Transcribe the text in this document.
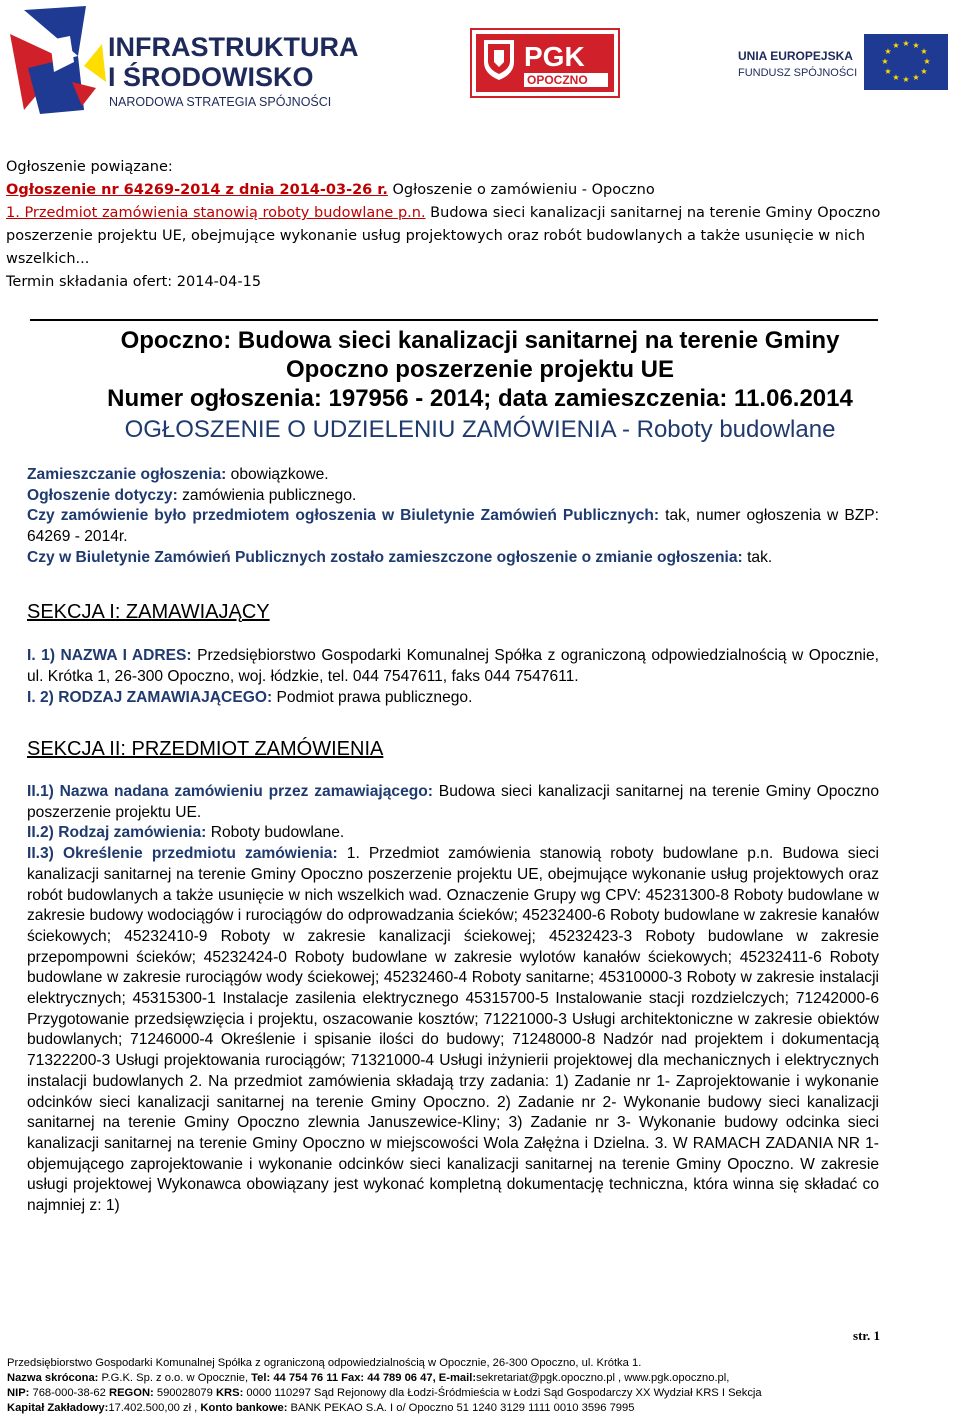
INFRASTRUKTURA
I ŚRODOWISKO
NARODOWA STRATEGIA SPÓJNOŚCI
PGK
OPOCZNO
UNIA EUROPEJSKA
FUNDUSZ SPÓJNOŚCI
★ ★
★
★
★
★
★
★
★
★
★
★

Ogłoszenie powiązane:

Ogłoszenie nr 64269-2014 z dnia 2014-03-26 r. Ogłoszenie o zamówieniu - Opoczno

1. Przedmiot zamówienia stanowią roboty budowlane p.n. Budowa sieci kanalizacji sanitarnej na terenie Gminy Opoczno poszerzenie projektu UE, obejmujące wykonanie usług projektowych oraz robót budowlanych a także usunięcie w nich wszelkich...

Termin składania ofert: 2014-04-15

Opoczno: Budowa sieci kanalizacji sanitarnej na terenie Gminy
Opoczno poszerzenie projektu UE
Numer ogłoszenia: 197956 - 2014; data zamieszczenia: 11.06.2014
OGŁOSZENIE O UDZIELENIU ZAMÓWIENIA - Roboty budowlane

Zamieszczanie ogłoszenia: obowiązkowe.

Ogłoszenie dotyczy: zamówienia publicznego.

Czy zamówienie było przedmiotem ogłoszenia w Biuletynie Zamówień Publicznych: tak, numer ogłoszenia w BZP: 64269 - 2014r.

Czy w Biuletynie Zamówień Publicznych zostało zamieszczone ogłoszenie o zmianie ogłoszenia: tak.

SEKCJA I: ZAMAWIAJĄCY

I. 1) NAZWA I ADRES: Przedsiębiorstwo Gospodarki Komunalnej Spółka z ograniczoną odpowiedzialnością w Opocznie, ul. Krótka 1, 26-300 Opoczno, woj. łódzkie, tel. 044 7547611, faks 044 7547611.

I. 2) RODZAJ ZAMAWIAJĄCEGO: Podmiot prawa publicznego.

SEKCJA II: PRZEDMIOT ZAMÓWIENIA

II.1) Nazwa nadana zamówieniu przez zamawiającego: Budowa sieci kanalizacji sanitarnej na terenie Gminy Opoczno poszerzenie projektu UE.

II.2) Rodzaj zamówienia: Roboty budowlane.

II.3) Określenie przedmiotu zamówienia: 1. Przedmiot zamówienia stanowią roboty budowlane p.n. Budowa sieci kanalizacji sanitarnej na terenie Gminy Opoczno poszerzenie projektu UE, obejmujące wykonanie usług projektowych oraz robót budowlanych a także usunięcie w nich wszelkich wad. Oznaczenie Grupy wg CPV: 45231300-8 Roboty budowlane w zakresie budowy wodociągów i rurociągów do odprowadzania ścieków; 45232400-6 Roboty budowlane w zakresie kanałów ściekowych; 45232410-9 Roboty w zakresie kanalizacji ściekowej; 45232423-3 Roboty budowlane w zakresie przepompowni ścieków; 45232424-0 Roboty budowlane w zakresie wylotów kanałów ściekowych; 45232411-6 Roboty budowlane w zakresie rurociągów wody ściekowej; 45232460-4 Roboty sanitarne; 45310000-3 Roboty w zakresie instalacji elektrycznych; 45315300-1 Instalacje zasilenia elektrycznego 45315700-5 Instalowanie stacji rozdzielczych; 71242000-6 Przygotowanie przedsięwzięcia i projektu, oszacowanie kosztów; 71221000-3 Usługi architektoniczne w zakresie obiektów budowlanych; 71246000-4 Określenie i spisanie ilości do budowy; 71248000-8 Nadzór nad projektem i dokumentacją 71322200-3 Usługi projektowania rurociągów; 71321000-4 Usługi inżynierii projektowej dla mechanicznych i elektrycznych instalacji budowlanych 2. Na przedmiot zamówienia składają trzy zadania: 1) Zadanie nr 1- Zaprojektowanie i wykonanie odcinków sieci kanalizacji sanitarnej na terenie Gminy Opoczno. 2) Zadanie nr 2- Wykonanie budowy sieci kanalizacji sanitarnej na terenie Gminy Opoczno zlewnia Januszewice-Kliny; 3) Zadanie nr 3- Wykonanie budowy odcinka sieci kanalizacji sanitarnej na terenie Gminy Opoczno w miejscowości Wola Załężna i Dzielna. 3. W RAMACH ZADANIA NR 1- objemującego zaprojektowanie i wykonanie odcinków sieci kanalizacji sanitarnej na terenie Gminy Opoczno. W zakresie usługi projektowej Wykonawca obowiązany jest wykonać kompletną dokumentację techniczna, która winna się składać co najmniej z: 1)

str. 1

Przedsiębiorstwo Gospodarki Komunalnej Spółka z ograniczoną odpowiedzialnością w Opocznie, 26-300 Opoczno, ul. Krótka 1.

Nazwa skrócona: P.G.K. Sp. z o.o. w Opocznie, Tel: 44 754 76 11 Fax: 44 789 06 47, E-mail:sekretariat@pgk.opoczno.pl , www.pgk.opoczno.pl,

NIP: 768-000-38-62 REGON: 590028079 KRS: 0000 110297 Sąd Rejonowy dla Łodzi-Śródmieścia w Łodzi Sąd Gospodarczy XX Wydział KRS I Sekcja

Kapitał Zakładowy:17.402.500,00 zł , Konto bankowe: BANK PEKAO S.A. I o/ Opoczno 51 1240 3129 1111 0010 3596 7995
